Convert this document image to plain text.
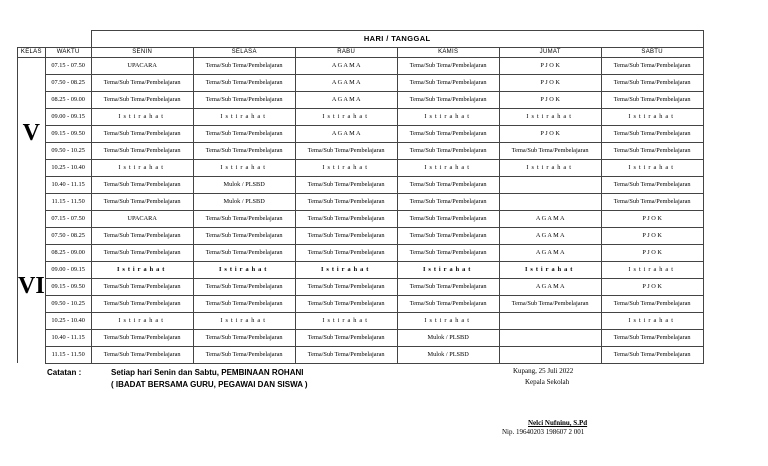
		HARI / TANGGAL					
KELAS	WAKTU	SENIN	SELASA	RABU	KAMIS	JUMAT	SABTU
V	07.15 - 07.50	UPACARA	Tema/Sub Tema/Pembelajaran	A G A M A	Tema/Sub Tema/Pembelajaran	P J O K	Tema/Sub Tema/Pembelajaran
	07.50 - 08.25	Tema/Sub Tema/Pembelajaran	Tema/Sub Tema/Pembelajaran	A G A M A	Tema/Sub Tema/Pembelajaran	P J O K	Tema/Sub Tema/Pembelajaran
	08.25 - 09.00	Tema/Sub Tema/Pembelajaran	Tema/Sub Tema/Pembelajaran	A G A M A	Tema/Sub Tema/Pembelajaran	P J O K	Tema/Sub Tema/Pembelajaran
	09.00 - 09.15	Istirahat	Istirahat	Istirahat	Istirahat	Istirahat	Istirahat
	09.15 - 09.50	Tema/Sub Tema/Pembelajaran	Tema/Sub Tema/Pembelajaran	A G A M A	Tema/Sub Tema/Pembelajaran	P J O K	Tema/Sub Tema/Pembelajaran
	09.50 - 10.25	Tema/Sub Tema/Pembelajaran	Tema/Sub Tema/Pembelajaran	Tema/Sub Tema/Pembelajaran	Tema/Sub Tema/Pembelajaran	Tema/Sub Tema/Pembelajaran	Tema/Sub Tema/Pembelajaran
	10.25 - 10.40	Istirahat	Istirahat	Istirahat	Istirahat	Istirahat	Istirahat
	10.40 - 11.15	Tema/Sub Tema/Pembelajaran	Mulok / PLSBD	Tema/Sub Tema/Pembelajaran	Tema/Sub Tema/Pembelajaran		Tema/Sub Tema/Pembelajaran
	11.15 - 11.50	Tema/Sub Tema/Pembelajaran	Mulok / PLSBD	Tema/Sub Tema/Pembelajaran	Tema/Sub Tema/Pembelajaran		Tema/Sub Tema/Pembelajaran
VI	07.15 - 07.50	UPACARA	Tema/Sub Tema/Pembelajaran	Tema/Sub Tema/Pembelajaran	Tema/Sub Tema/Pembelajaran	A G A M A	P J O K
	07.50 - 08.25	Tema/Sub Tema/Pembelajaran	Tema/Sub Tema/Pembelajaran	Tema/Sub Tema/Pembelajaran	Tema/Sub Tema/Pembelajaran	A G A M A	P J O K
	08.25 - 09.00	Tema/Sub Tema/Pembelajaran	Tema/Sub Tema/Pembelajaran	Tema/Sub Tema/Pembelajaran	Tema/Sub Tema/Pembelajaran	A G A M A	P J O K
	09.00 - 09.15	Istirahat	Istirahat	Istirahat	Istirahat	Istirahat	Istirahat
	09.15 - 09.50	Tema/Sub Tema/Pembelajaran	Tema/Sub Tema/Pembelajaran	Tema/Sub Tema/Pembelajaran	Tema/Sub Tema/Pembelajaran	A G A M A	P J O K
	09.50 - 10.25	Tema/Sub Tema/Pembelajaran	Tema/Sub Tema/Pembelajaran	Tema/Sub Tema/Pembelajaran	Tema/Sub Tema/Pembelajaran	Tema/Sub Tema/Pembelajaran	Tema/Sub Tema/Pembelajaran
	10.25 - 10.40	Istirahat	Istirahat	Istirahat	Istirahat		Istirahat
	10.40 - 11.15	Tema/Sub Tema/Pembelajaran	Tema/Sub Tema/Pembelajaran	Tema/Sub Tema/Pembelajaran	Mulok / PLSBD		Tema/Sub Tema/Pembelajaran
	11.15 - 11.50	Tema/Sub Tema/Pembelajaran	Tema/Sub Tema/Pembelajaran	Tema/Sub Tema/Pembelajaran	Mulok / PLSBD		Tema/Sub Tema/Pembelajaran
Catatan :	Setiap hari Senin dan Sabtu, PEMBINAAN ROHANI
( IBADAT BERSAMA GURU, PEGAWAI DAN SISWA )
Kupang, 25 Juli 2022
Kepala Sekolah
Nelci Nufninu, S.Pd
Nip. 19640203 198607 2 001
